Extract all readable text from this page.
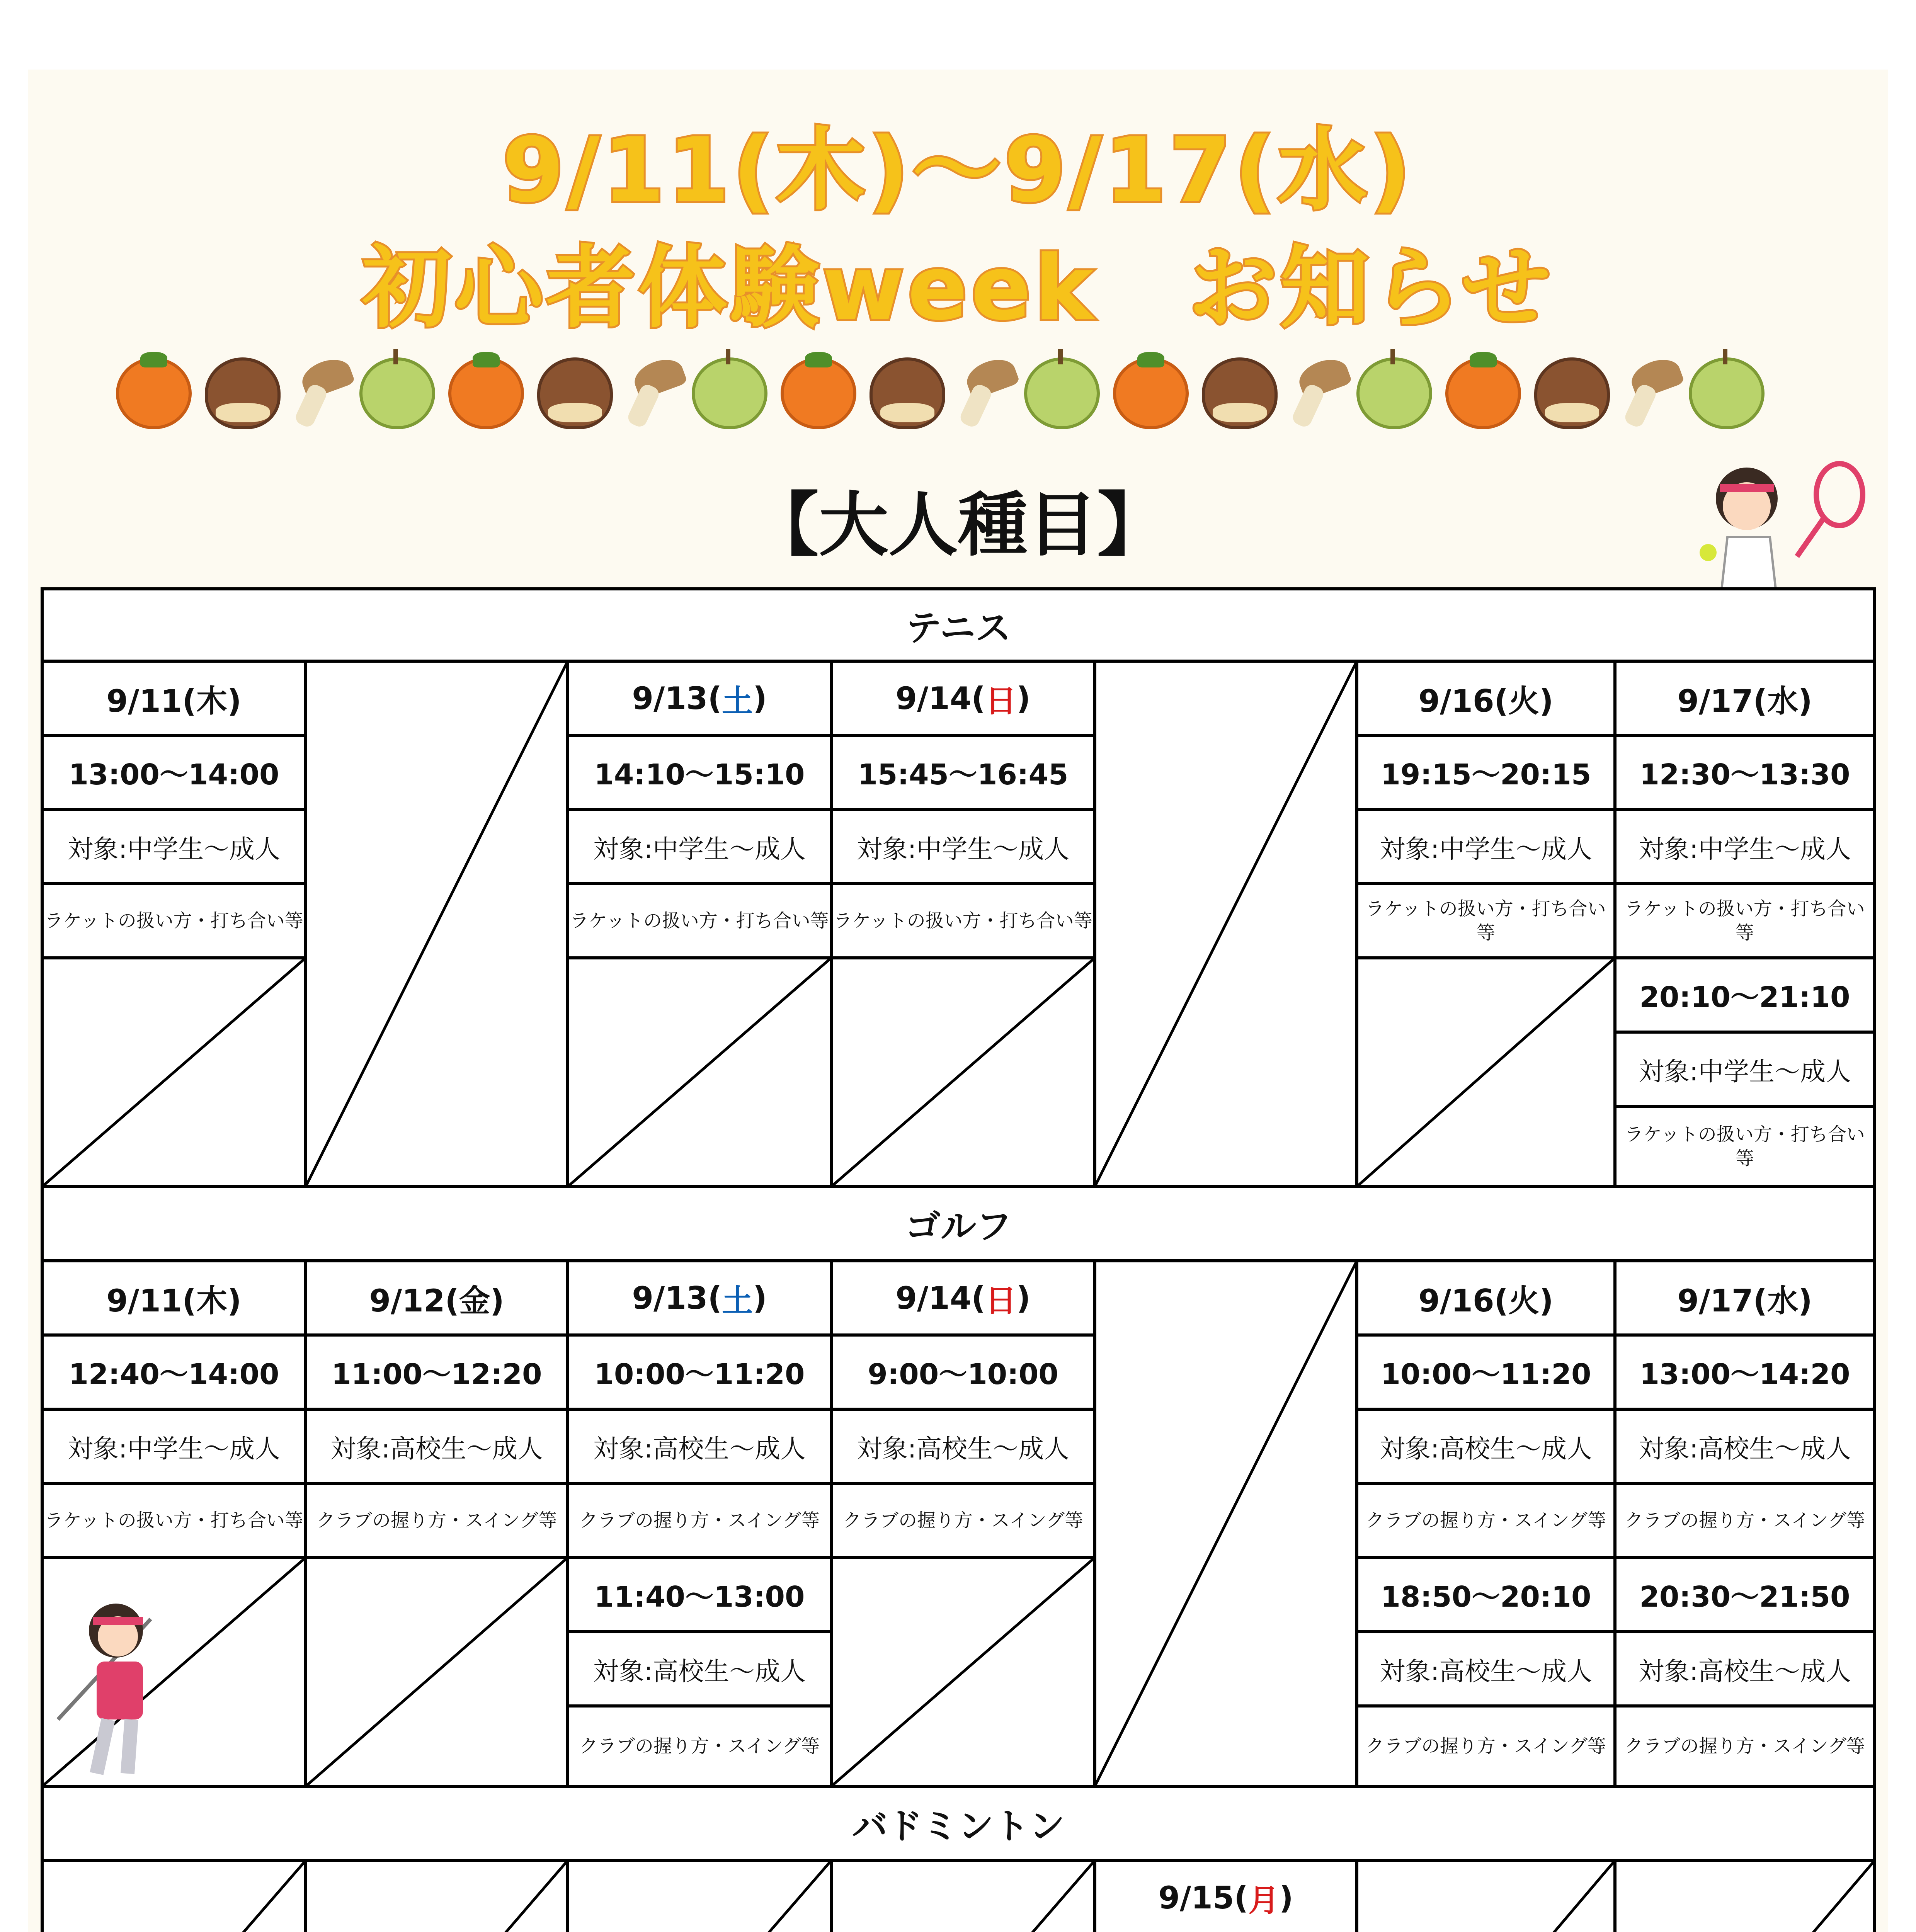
9/11(木)〜9/17(水)
初心者体験week　お知らせ
【大人種目】
テニス
9/11(木)
13:00〜14:00
対象:中学生〜成人
ラケットの扱い方・打ち合い等
9/13( 土 )
14:10〜15:10
対象:中学生〜成人
ラケットの扱い方・打ち合い等
9/14( 日 )
15:45〜16:45
対象:中学生〜成人
ラケットの扱い方・打ち合い等
9/16(火)
19:15〜20:15
対象:中学生〜成人
ラケットの扱い方・打ち合い等
9/17(水)
12:30〜13:30
対象:中学生〜成人
ラケットの扱い方・打ち合い等
20:10〜21:10
対象:中学生〜成人
ラケットの扱い方・打ち合い等
ゴルフ
9/11(木)
12:40〜14:00
対象:中学生〜成人
ラケットの扱い方・打ち合い等
9/12(金)
11:00〜12:20
対象:高校生〜成人
クラブの握り方・スイング等
9/13( 土 )
10:00〜11:20
対象:高校生〜成人
クラブの握り方・スイング等
11:40〜13:00
対象:高校生〜成人
クラブの握り方・スイング等
9/14( 日 )
9:00〜10:00
対象:高校生〜成人
クラブの握り方・スイング等
9/16(火)
10:00〜11:20
対象:高校生〜成人
クラブの握り方・スイング等
18:50〜20:10
対象:高校生〜成人
クラブの握り方・スイング等
9/17(水)
13:00〜14:20
対象:高校生〜成人
クラブの握り方・スイング等
20:30〜21:50
対象:高校生〜成人
クラブの握り方・スイング等
バドミントン
9/15( 月 )
